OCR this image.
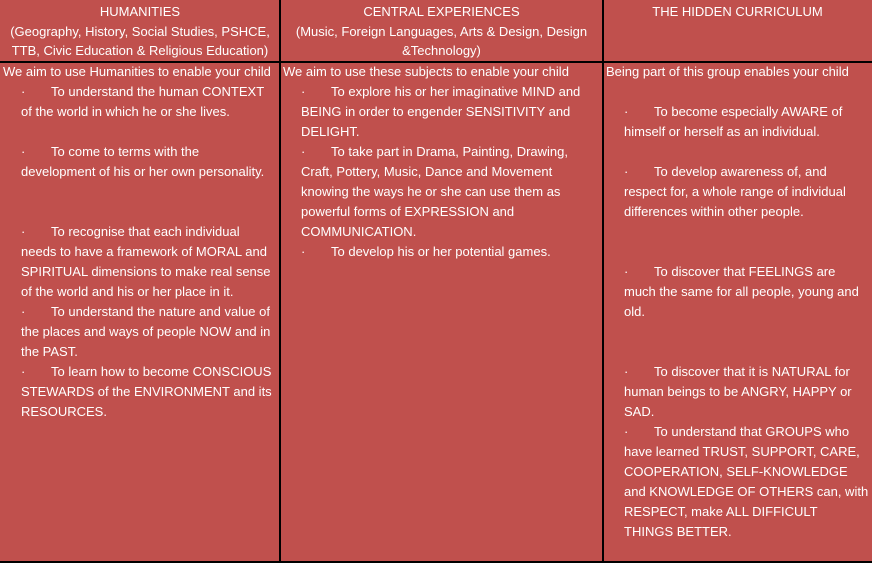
HUMANITIES
(Geography, History, Social Studies, PSHCE, TTB, Civic Education & Religious Education)

We aim to use Humanities to enable your child

· To understand the human CONTEXT of the world in which he or she lives.
· To come to terms with the development of his or her own personality.
· To recognise that each individual needs to have a framework of MORAL and SPIRITUAL dimensions to make real sense of the world and his or her place in it.
· To understand the nature and value of the places and ways of people NOW and in the PAST.
· To learn how to become CONSCIOUS STEWARDS of the ENVIRONMENT and its RESOURCES.
CENTRAL EXPERIENCES
(Music, Foreign Languages, Arts & Design, Design &Technology)

We aim to use these subjects to enable your child

· To explore his or her imaginative MIND and BEING in order to engender SENSITIVITY and DELIGHT.
· To take part in Drama, Painting, Drawing, Craft, Pottery, Music, Dance and Movement knowing the ways he or she can use them as powerful forms of EXPRESSION and COMMUNICATION.
· To develop his or her potential games.
THE HIDDEN CURRICULUM

Being part of this group enables your child

· To become especially AWARE of himself or herself as an individual.
· To develop awareness of, and respect for, a whole range of individual differences within other people.
· To discover that FEELINGS are much the same for all people, young and old.
· To discover that it is NATURAL for human beings to be ANGRY, HAPPY or SAD.
· To understand that GROUPS who have learned TRUST, SUPPORT, CARE, COOPERATION, SELF-KNOWLEDGE and KNOWLEDGE OF OTHERS can, with RESPECT, make ALL DIFFICULT THINGS BETTER.
